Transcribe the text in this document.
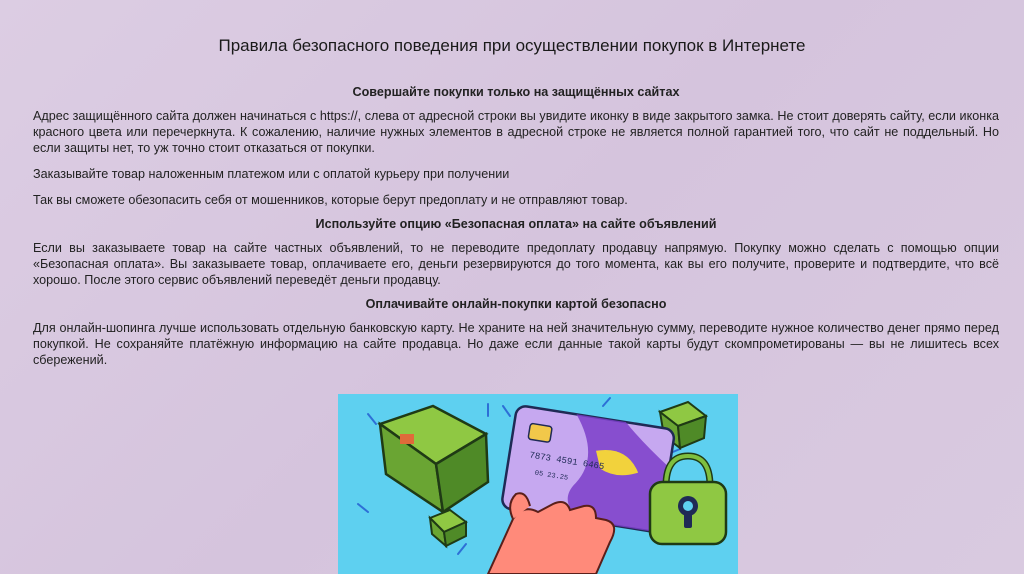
Правила безопасного поведения при осуществлении покупок в Интернете
Совершайте покупки только на защищённых сайтах

Адрес защищённого сайта должен начинаться с https://, слева от адресной строки вы увидите иконку в виде закрытого замка. Не стоит доверять сайту, если иконка красного цвета или перечеркнута. К сожалению, наличие нужных элементов в адресной строке не является полной гарантией того, что сайт не поддельный. Но если защиты нет, то уж точно стоит отказаться от покупки.

Заказывайте товар наложенным платежом или с оплатой курьеру при получении

Так вы сможете обезопасить себя от мошенников, которые берут предоплату и не отправляют товар.

Используйте опцию «Безопасная оплата» на сайте объявлений

Если вы заказываете товар на сайте частных объявлений, то не переводите предоплату продавцу напрямую. Покупку можно сделать с помощью опции «Безопасная оплата». Вы заказываете товар, оплачиваете его, деньги резервируются до того момента, как вы его получите, проверите и подтвердите, что всё хорошо. После этого сервис объявлений переведёт деньги продавцу.

Оплачивайте онлайн-покупки картой безопасно

Для онлайн-шопинга лучше использовать отдельную банковскую карту. Не храните на ней значительную сумму, переводите нужное количество денег прямо перед покупкой. Не сохраняйте платёжную информацию на сайте продавца. Но даже если данные такой карты будут скомпрометированы — вы не лишитесь всех сбережений.

7873 4591 6465
05 23.25
